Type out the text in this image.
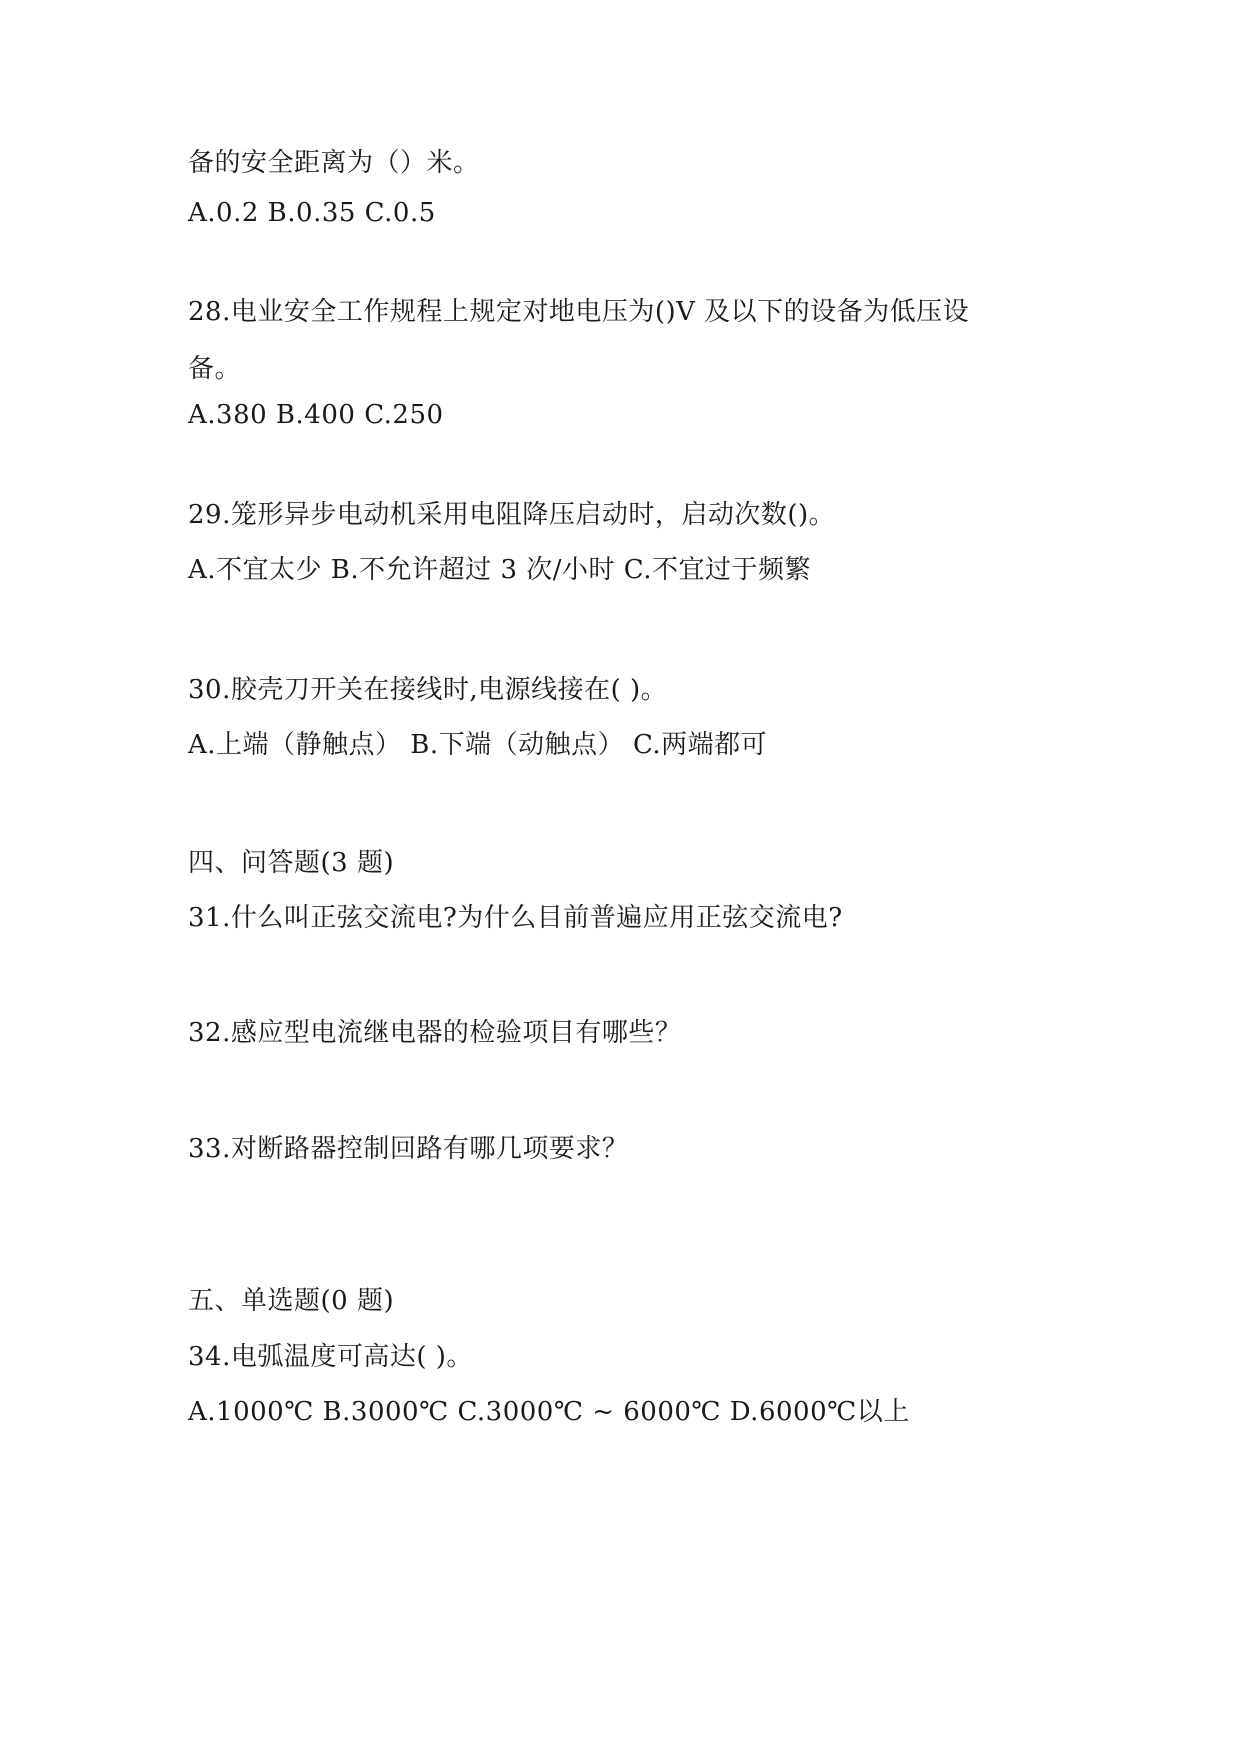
备的安全距离为（）米。
A.0.2 B.0.35 C.0.5
28.电业安全工作规程上规定对地电压为()V 及以下的设备为低压设
备。
A.380 B.400 C.250
29.笼形异步电动机采用电阻降压启动时，启动次数()。
A.不宜太少 B.不允许超过 3 次/小时 C.不宜过于频繁
30.胶壳刀开关在接线时,电源线接在( )。
A.上端（静触点） B.下端（动触点） C.两端都可
四、问答题(3 题)
31.什么叫正弦交流电?为什么目前普遍应用正弦交流电?
32.感应型电流继电器的检验项目有哪些？
33.对断路器控制回路有哪几项要求？
五、单选题(0 题)
34.电弧温度可高达( )。
A.1000℃ B.3000℃ C.3000℃ ~ 6000℃ D.6000℃以上
